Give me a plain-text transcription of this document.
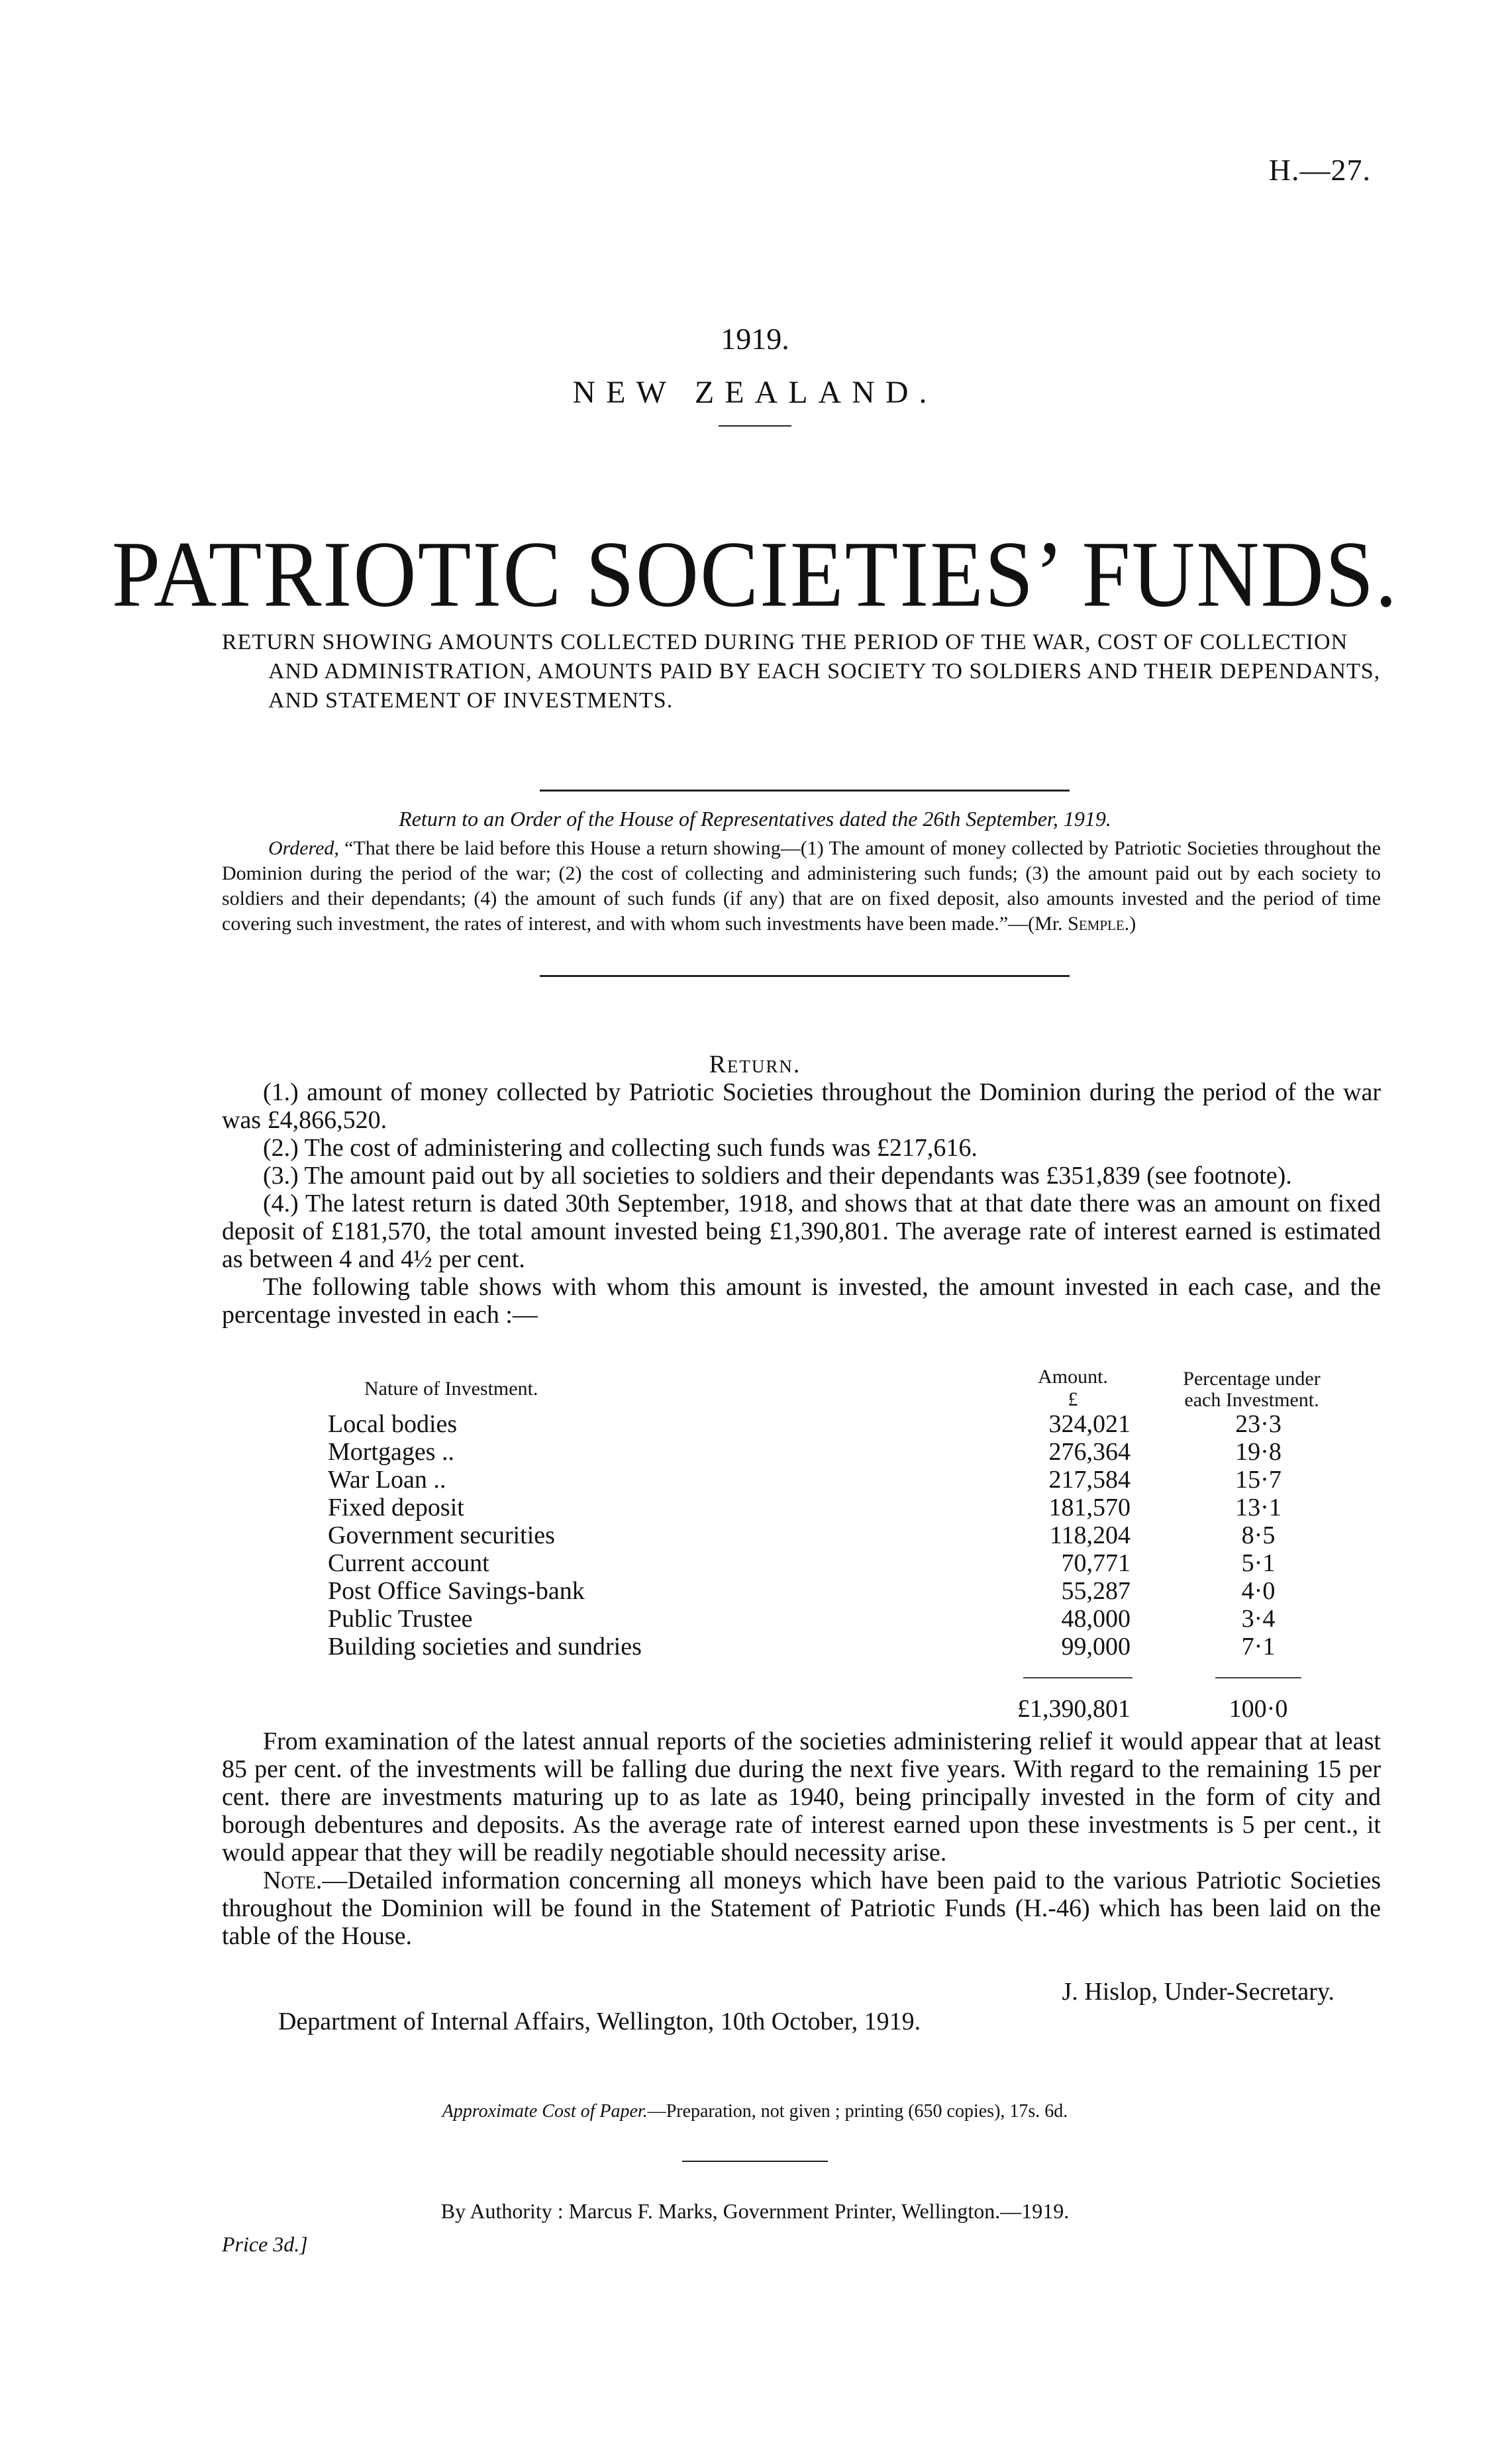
H.—27.
1919.
NEW ZEALAND.
PATRIOTIC SOCIETIES’ FUNDS.
RETURN SHOWING AMOUNTS COLLECTED DURING THE PERIOD OF THE WAR, COST OF COLLECTION AND ADMINISTRATION, AMOUNTS PAID BY EACH SOCIETY TO SOLDIERS AND THEIR DEPENDANTS, AND STATEMENT OF INVESTMENTS.
Return to an Order of the House of Representatives dated the 26th September, 1919.
Ordered, “That there be laid before this House a return showing—(1) The amount of money collected by Patriotic Societies throughout the Dominion during the period of the war; (2) the cost of collecting and administering such funds; (3) the amount paid out by each society to soldiers and their dependants; (4) the amount of such funds (if any) that are on fixed deposit, also amounts invested and the period of time covering such investment, the rates of interest, and with whom such investments have been made.”—(Mr. Semple.)
Return.

(1.) amount of money collected by Patriotic Societies throughout the Dominion during the period of the war was £4,866,520.

(2.) The cost of administering and collecting such funds was £217,616.

(3.) The amount paid out by all societies to soldiers and their dependants was £351,839 (see footnote).

(4.) The latest return is dated 30th September, 1918, and shows that at that date there was an amount on fixed deposit of £181,570, the total amount invested being £1,390,801. The average rate of interest earned is estimated as between 4 and 4½ per cent.

The following table shows with whom this amount is invested, the amount invested in each case, and the percentage invested in each :—

Nature of Investment.
Amount.
£
Percentage under
each Investment.
Local bodies	324,021	23·3
Mortgages ..	276,364	19·8
War Loan ..	217,584	15·7
Fixed deposit	181,570	13·1
Government securities	118,204	8·5
Current account	70,771	5·1
Post Office Savings-bank	55,287	4·0
Public Trustee	48,000	3·4
Building societies and sundries	99,000	7·1
£1,390,801	100·0

From examination of the latest annual reports of the societies administering relief it would appear that at least 85 per cent. of the investments will be falling due during the next five years. With regard to the remaining 15 per cent. there are investments maturing up to as late as 1940, being principally invested in the form of city and borough debentures and deposits. As the average rate of interest earned upon these investments is 5 per cent., it would appear that they will be readily negotiable should necessity arise.

Note.—Detailed information concerning all moneys which have been paid to the various Patriotic Societies throughout the Dominion will be found in the Statement of Patriotic Funds (H.-46) which has been laid on the table of the House.

J. Hislop, Under-Secretary.
Department of Internal Affairs, Wellington, 10th October, 1919.
Approximate Cost of Paper.—Preparation, not given ; printing (650 copies), 17s. 6d.
By Authority : Marcus F. Marks, Government Printer, Wellington.—1919.
Price 3d.]
